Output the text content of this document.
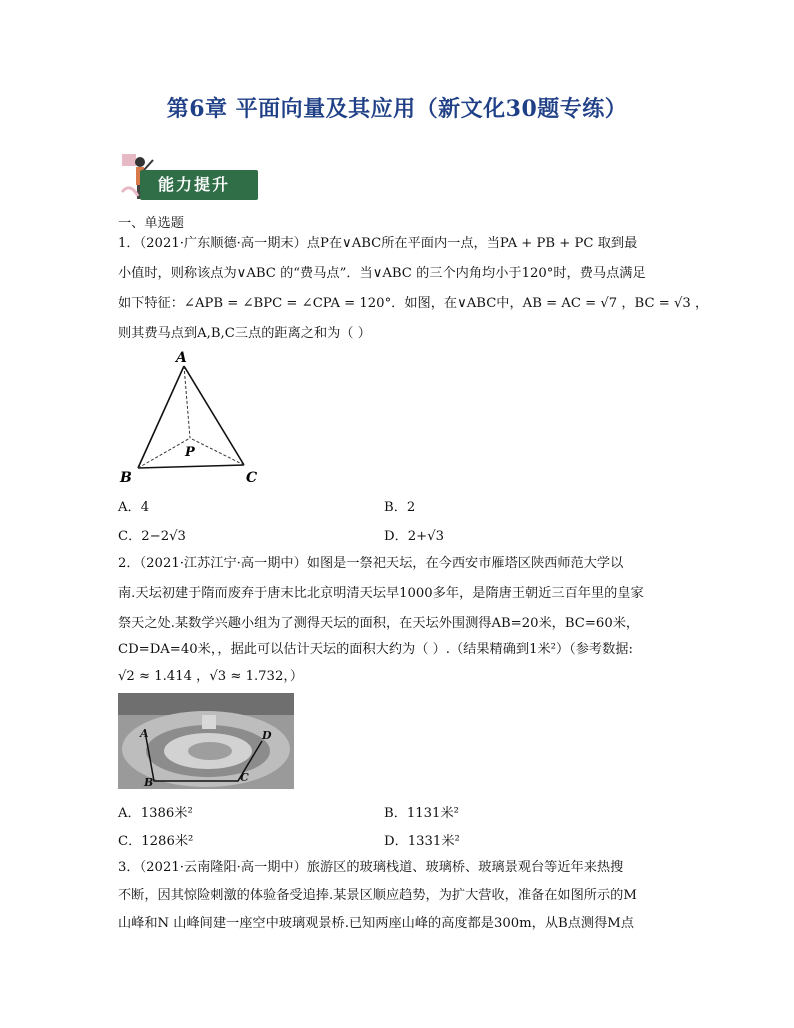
第6章 平面向量及其应用（新文化30题专练）
能力提升
一、单选题
1．（2021·广东顺德·高一期末）点P在∨ABC所在平面内一点，当PA + PB + PC 取到最
小值时，则称该点为∨ABC 的“费马点”．当∨ABC 的三个内角均小于120°时，费马点满足
如下特征：∠APB = ∠BPC = ∠CPA = 120°．如图，在∨ABC中，AB = AC = √7 ，BC = √3 ，
则其费马点到A,B,C三点的距离之和为（ ）
A
B	C
P
A．4	B．2
C．2−2√3	D．2+√3
2．（2021·江苏江宁·高一期中）如图是一祭祀天坛，在今西安市雁塔区陕西师范大学以
南.天坛初建于隋而废弃于唐末比北京明清天坛早1000多年，是隋唐王朝近三百年里的皇家
祭天之处.某数学兴趣小组为了测得天坛的面积，在天坛外围测得AB=20米，BC=60米，
CD=DA=40米，，据此可以估计天坛的面积大约为（ ）.（结果精确到1米²）（参考数据:
√2 ≈ 1.414 ，√3 ≈ 1.732，）
A
B	C
D
A．1386米²	B．1131米²
C．1286米²	D．1331米²
3．（2021·云南隆阳·高一期中）旅游区的玻璃栈道、玻璃桥、玻璃景观台等近年来热搜
不断，因其惊险刺激的体验备受追捧.某景区顺应趋势，为扩大营收，准备在如图所示的M
山峰和N 山峰间建一座空中玻璃观景桥.已知两座山峰的高度都是300m，从B点测得M点
